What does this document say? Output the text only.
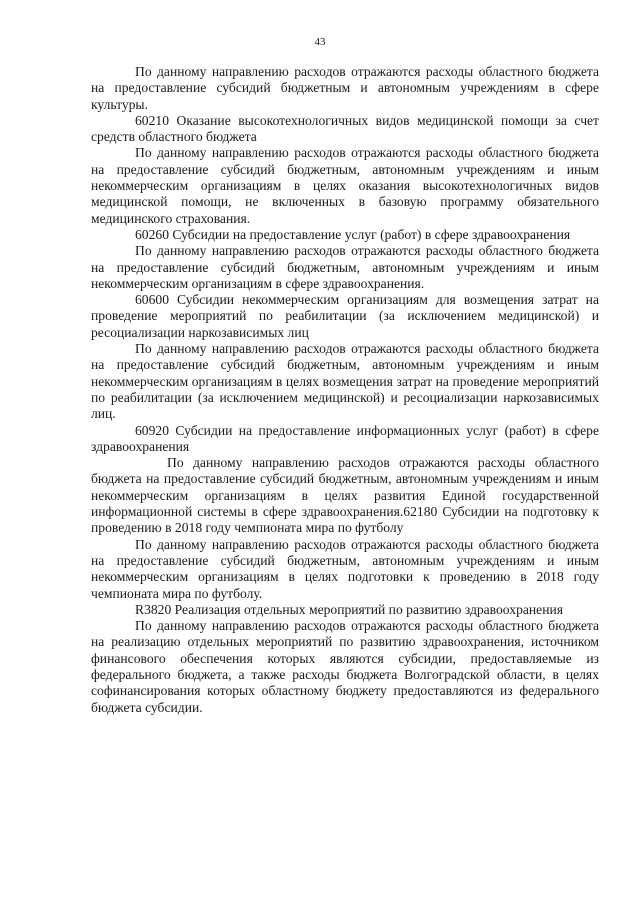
43

По данному направлению расходов отражаются расходы областного бюджета на предоставление субсидий бюджетным и автономным учреждениям в сфере культуры.

60210 Оказание высокотехнологичных видов медицинской помощи за счет средств областного бюджета

По данному направлению расходов отражаются расходы областного бюджета на предоставление субсидий бюджетным, автономным учреждениям и иным некоммерческим организациям в целях оказания высокотехнологичных видов медицинской помощи, не включенных в базовую программу обязательного медицинского страхования.

60260 Субсидии на предоставление услуг (работ) в сфере здравоохранения

По данному направлению расходов отражаются расходы областного бюджета на предоставление субсидий бюджетным, автономным учреждениям и иным некоммерческим организациям в сфере здравоохранения.

60600 Субсидии некоммерческим организациям для возмещения затрат на проведение мероприятий по реабилитации (за исключением медицинской) и ресоциализации наркозависимых лиц

По данному направлению расходов отражаются расходы областного бюджета на предоставление субсидий бюджетным, автономным учреждениям и иным некоммерческим организациям в целях возмещения затрат на проведение мероприятий по реабилитации (за исключением медицинской) и ресоциализации наркозависимых лиц.

60920 Субсидии на предоставление информационных услуг (работ) в сфере здравоохранения

По данному направлению расходов отражаются расходы областного бюджета на предоставление субсидий бюджетным, автономным учреждениям и иным некоммерческим организациям в целях развития Единой государственной информационной системы в сфере здравоохранения.62180 Субсидии на подготовку к проведению в 2018 году чемпионата мира по футболу

По данному направлению расходов отражаются расходы областного бюджета на предоставление субсидий бюджетным, автономным учреждениям и иным некоммерческим организациям в целях подготовки к проведению в 2018 году чемпионата мира по футболу.

R3820 Реализация отдельных мероприятий по развитию здравоохранения

По данному направлению расходов отражаются расходы областного бюджета на реализацию отдельных мероприятий по развитию здравоохранения, источником финансового обеспечения которых являются субсидии, предоставляемые из федерального бюджета, а также расходы бюджета Волгоградской области, в целях софинансирования которых областному бюджету предоставляются из федерального бюджета субсидии.
